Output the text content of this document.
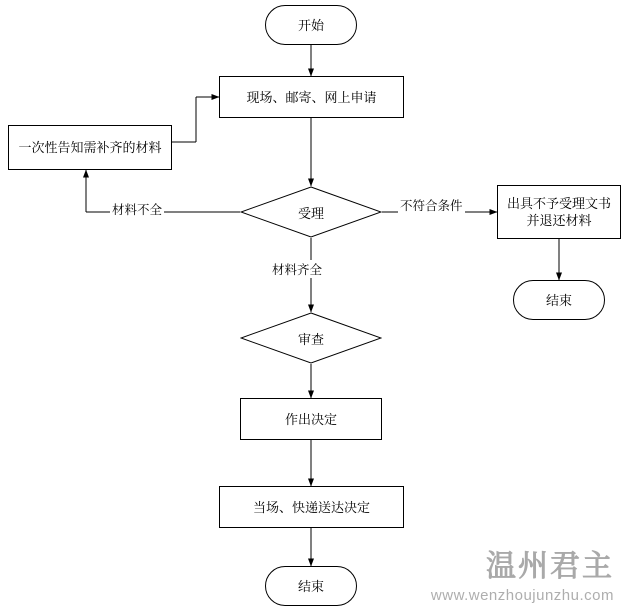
开始
现场、邮寄、网上申请
一次性告知需补齐的材料
受理
出具不予受理文书并退还材料
结束
审查
作出决定
当场、快递送达决定
结束
材料不全	不符合条件
材料齐全
温州君主
www.wenzhoujunzhu.com
